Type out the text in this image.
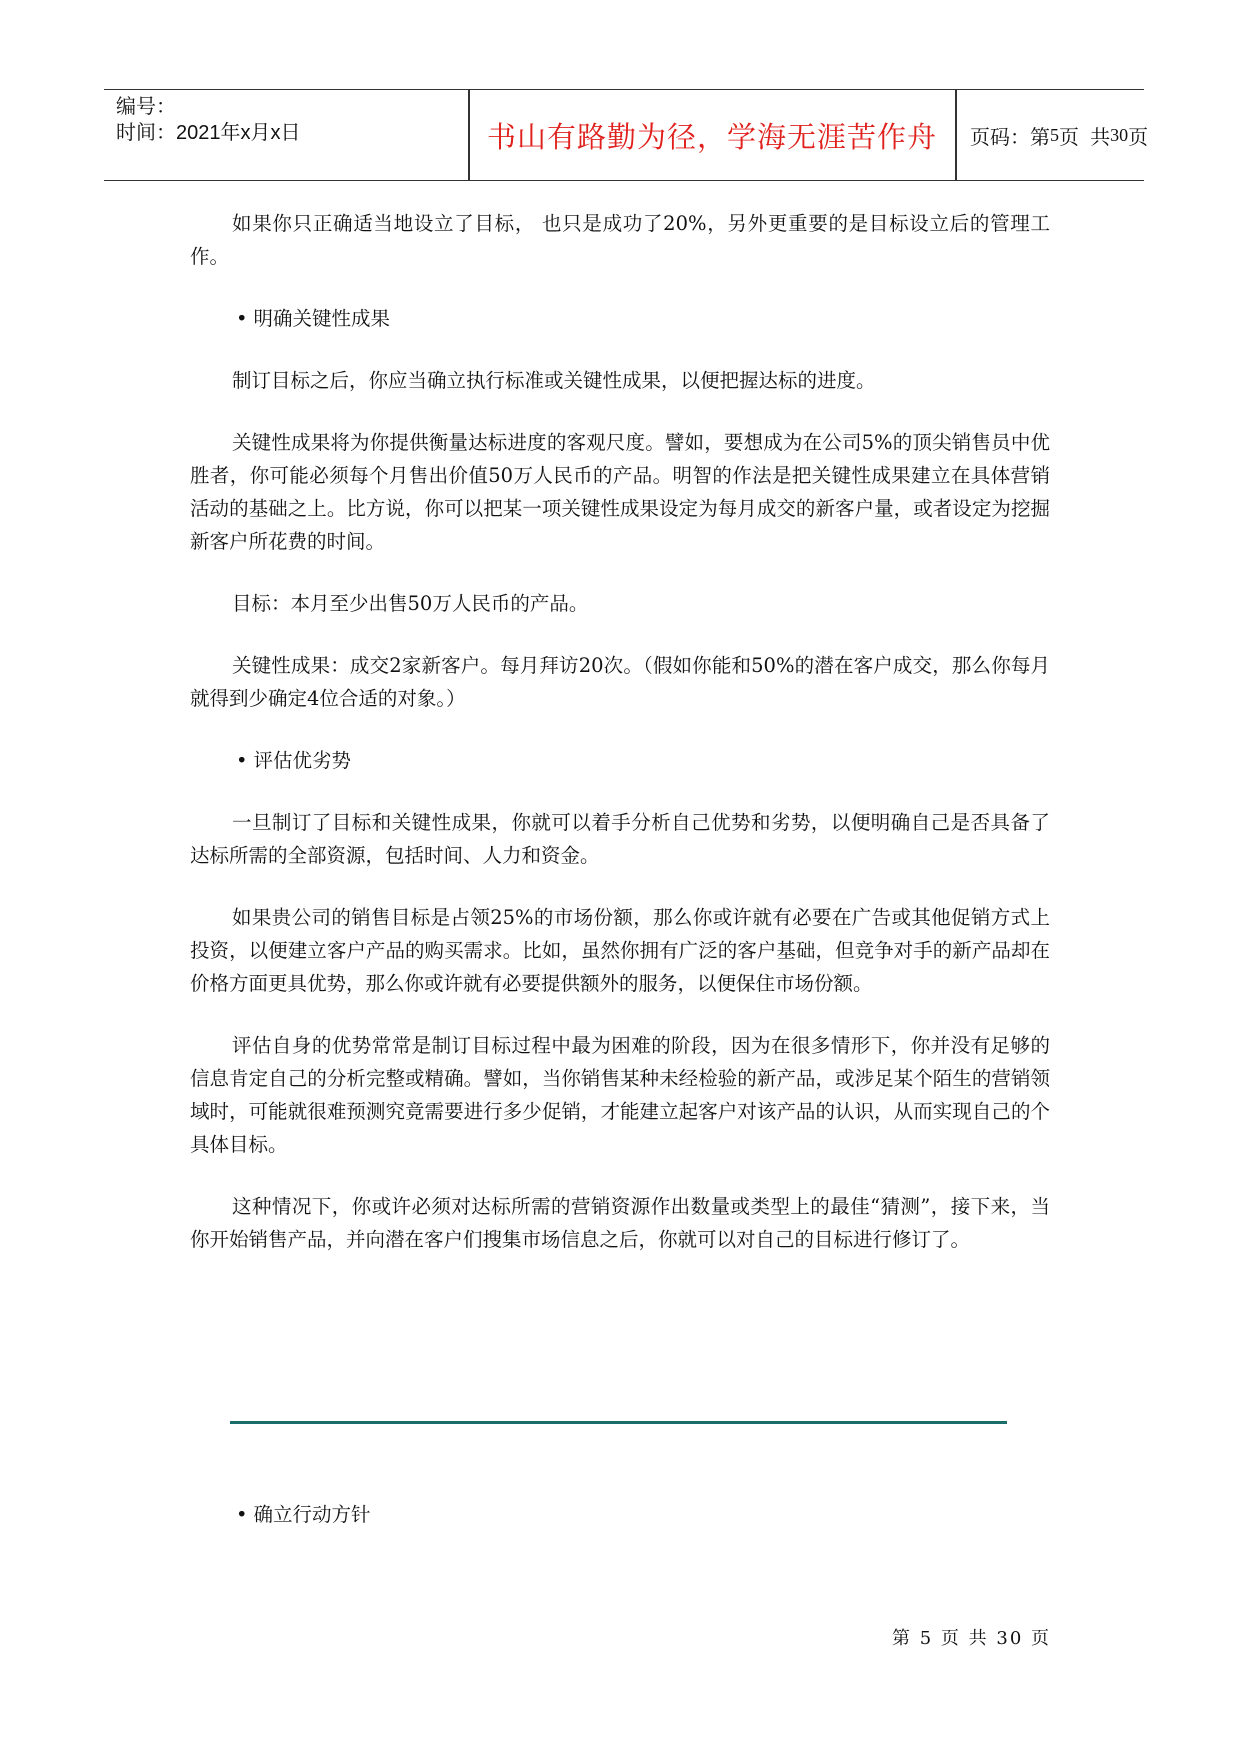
编号：
时间：2021年x月x日	书山有路勤为径，学海无涯苦作舟	页码：第 5 页  共 30 页

如果你只正确适当地设立了目标， 也只是成功了20%，另外更重要的是目标设立后的管理工作。

• 明确关键性成果

制订目标之后，你应当确立执行标准或关键性成果，以便把握达标的进度。

关键性成果将为你提供衡量达标进度的客观尺度。譬如，要想成为在公司5%的顶尖销售员中优胜者，你可能必须每个月售出价值50万人民币的产品。明智的作法是把关键性成果建立在具体营销活动的基础之上。比方说，你可以把某一项关键性成果设定为每月成交的新客户量，或者设定为挖掘新客户所花费的时间。

目标：本月至少出售50万人民币的产品。

关键性成果：成交2家新客户。每月拜访20次。（假如你能和50%的潜在客户成交，那么你每月就得到少确定4位合适的对象。）

• 评估优劣势

一旦制订了目标和关键性成果，你就可以着手分析自己优势和劣势，以便明确自己是否具备了达标所需的全部资源，包括时间、人力和资金。

如果贵公司的销售目标是占领25%的市场份额，那么你或许就有必要在广告或其他促销方式上投资，以便建立客户产品的购买需求。比如，虽然你拥有广泛的客户基础，但竞争对手的新产品却在价格方面更具优势，那么你或许就有必要提供额外的服务，以便保住市场份额。

评估自身的优势常常是制订目标过程中最为困难的阶段，因为在很多情形下，你并没有足够的信息肯定自己的分析完整或精确。譬如，当你销售某种未经检验的新产品，或涉足某个陌生的营销领域时，可能就很难预测究竟需要进行多少促销，才能建立起客户对该产品的认识，从而实现自己的个具体目标。

这种情况下，你或许必须对达标所需的营销资源作出数量或类型上的最佳“猜测”，接下来，当你开始销售产品，并向潜在客户们搜集市场信息之后，你就可以对自己的目标进行修订了。

• 确立行动方针
第 5 页 共 30 页
